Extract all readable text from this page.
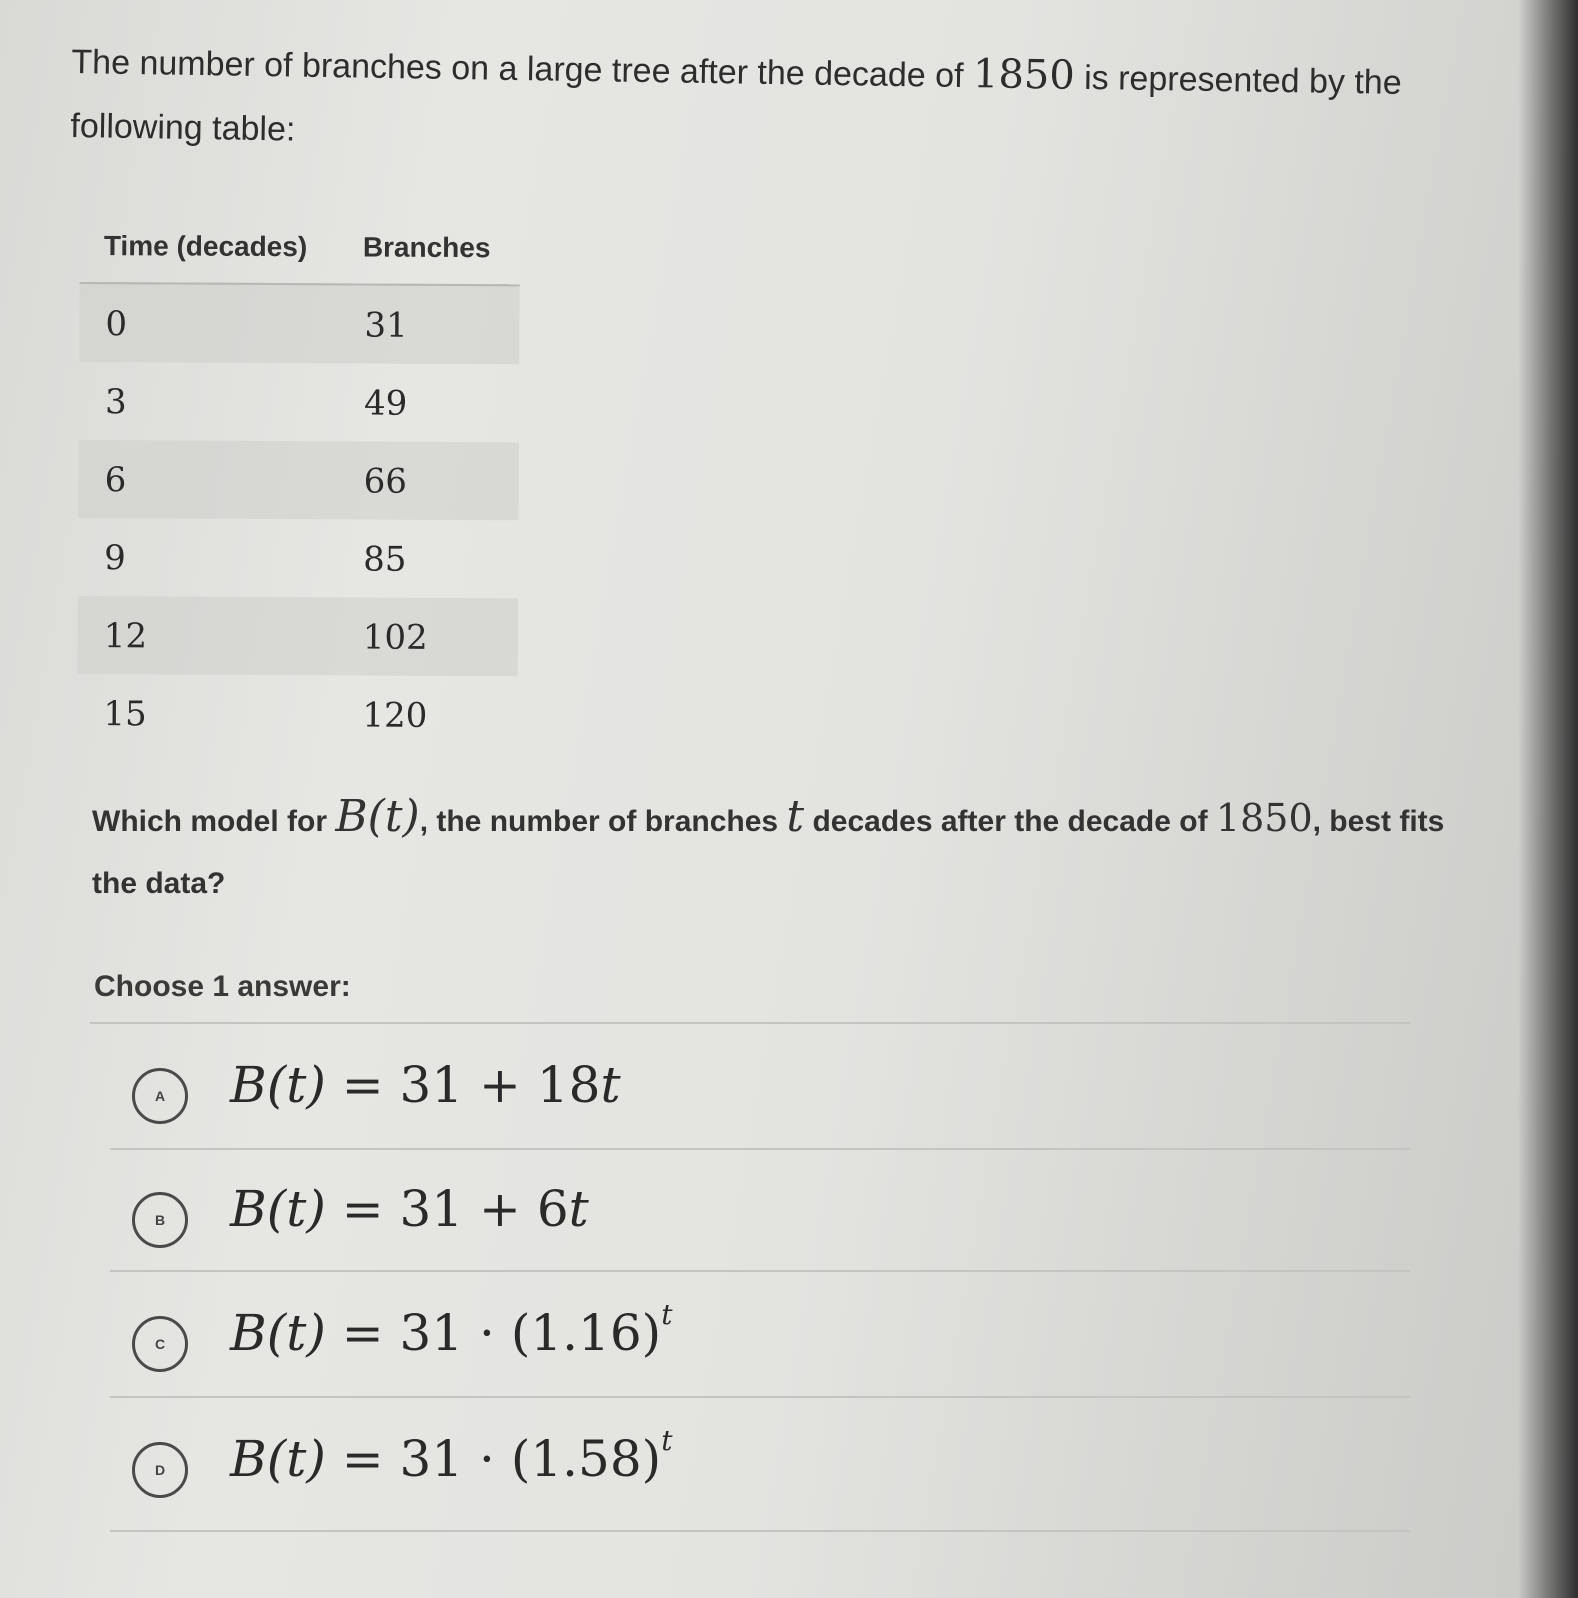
The number of branches on a large tree after the decade of 1850 is represented by the following table:
Time (decades)	Branches
0	31
3	49
6	66
9	85
12	102
15	120
Which model for B(t), the number of branches t decades after the decade of 1850, best fits the data?
Choose 1 answer:
A	B(t) = 31 + 18t
B	B(t) = 31 + 6t
C	$B(t) = 31 \cdot (1.16)^t$
D	$B(t) = 31 \cdot (1.58)^t$
